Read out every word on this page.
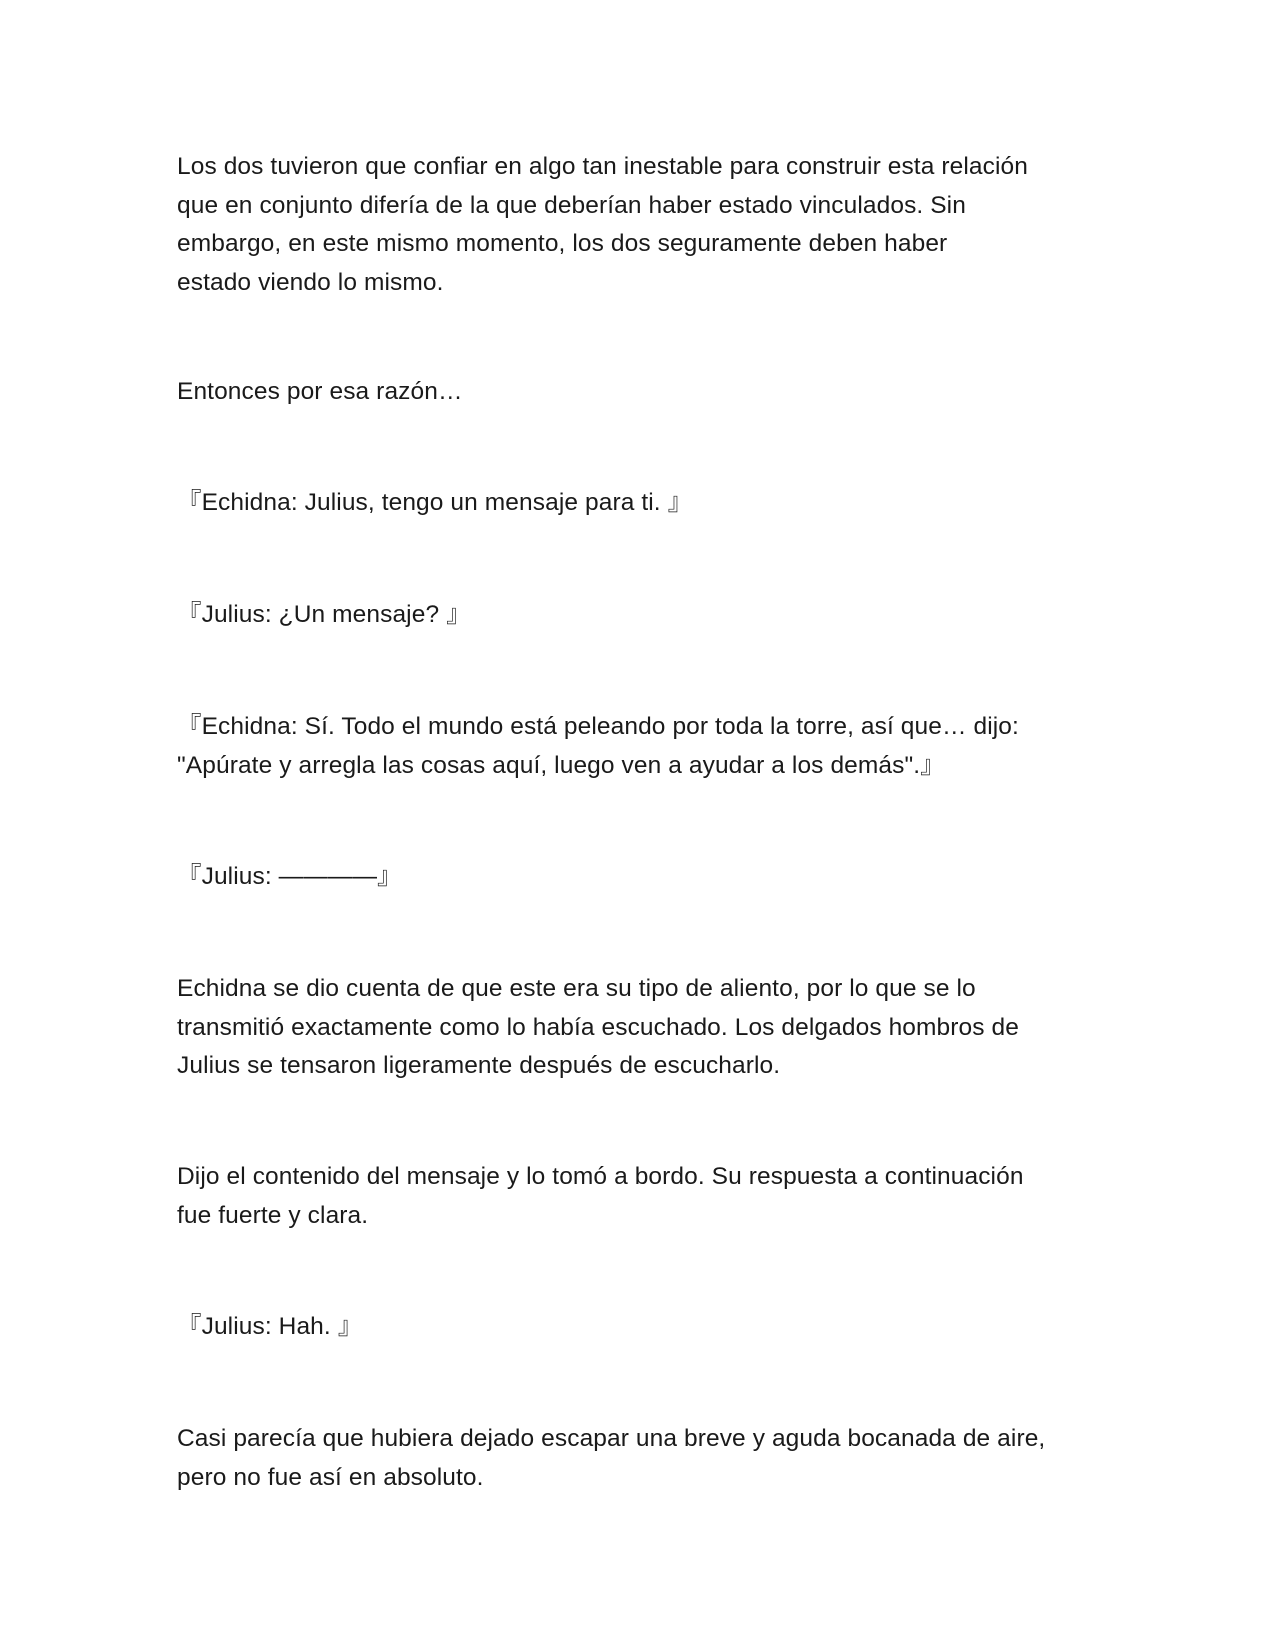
Los dos tuvieron que confiar en algo tan inestable para construir esta relación
que en conjunto difería de la que deberían haber estado vinculados. Sin
embargo, en este mismo momento, los dos seguramente deben haber
estado viendo lo mismo.

Entonces por esa razón…

『Echidna: Julius, tengo un mensaje para ti. 』

『Julius: ¿Un mensaje? 』

『Echidna: Sí. Todo el mundo está peleando por toda la torre, así que… dijo:
"Apúrate y arregla las cosas aquí, luego ven a ayudar a los demás".』

『Julius: ————』

Echidna se dio cuenta de que este era su tipo de aliento, por lo que se lo
transmitió exactamente como lo había escuchado. Los delgados hombros de
Julius se tensaron ligeramente después de escucharlo.

Dijo el contenido del mensaje y lo tomó a bordo. Su respuesta a continuación
fue fuerte y clara.

『Julius: Hah. 』

Casi parecía que hubiera dejado escapar una breve y aguda bocanada de aire,
pero no fue así en absoluto.
